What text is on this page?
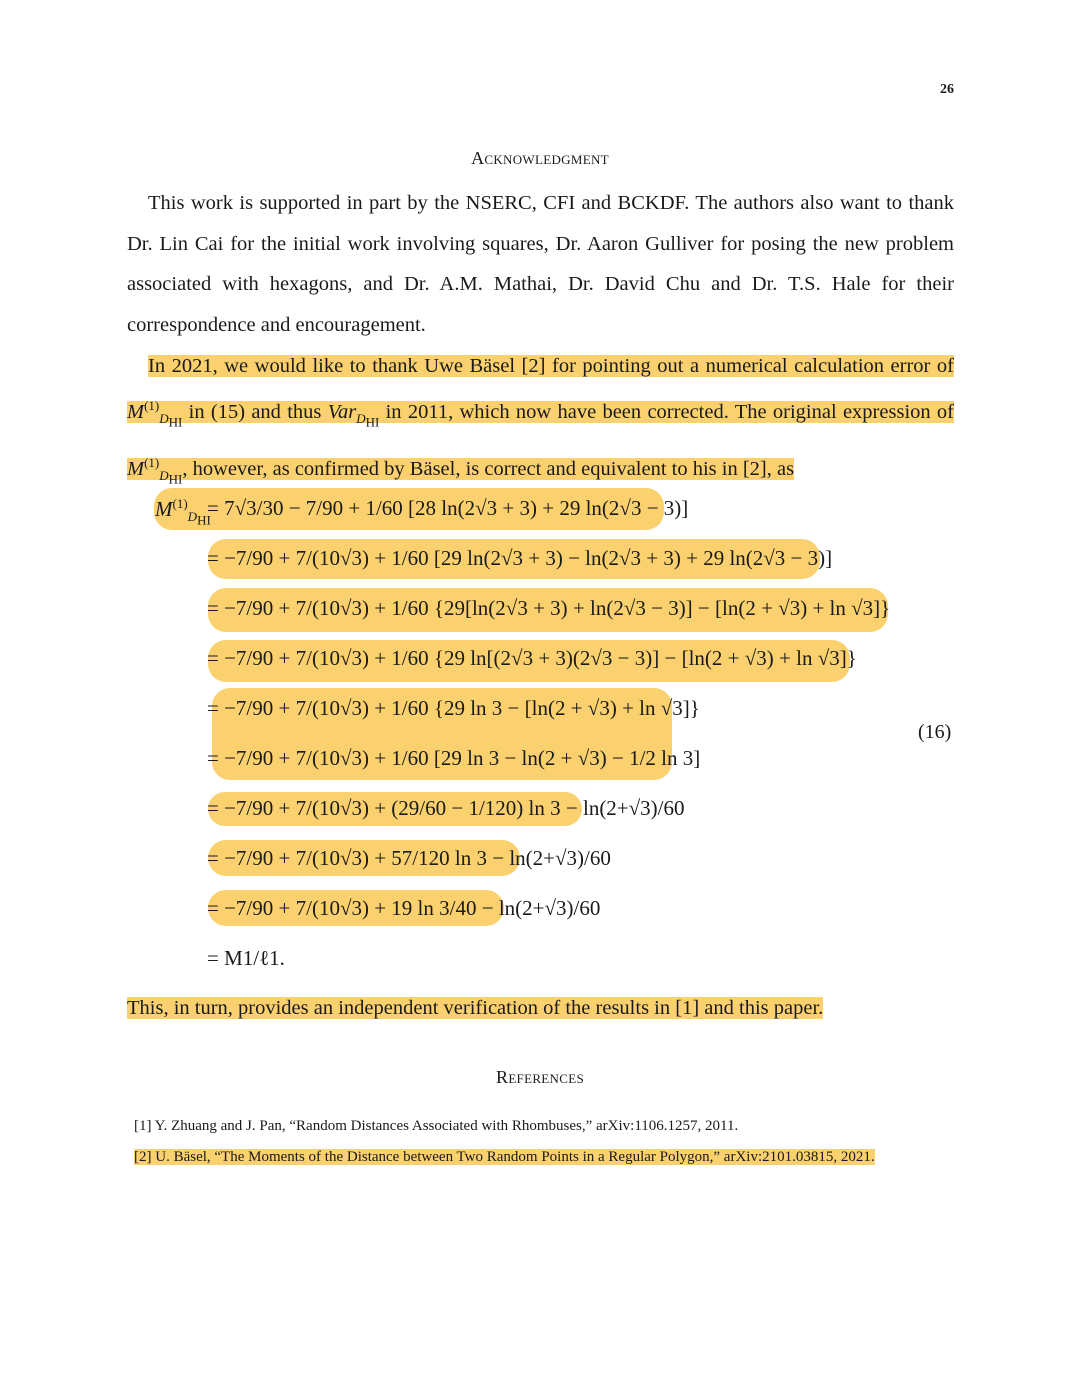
26
Acknowledgment

This work is supported in part by the NSERC, CFI and BCKDF. The authors also want to thank Dr. Lin Cai for the initial work involving squares, Dr. Aaron Gulliver for posing the new problem associated with hexagons, and Dr. A.M. Mathai, Dr. David Chu and Dr. T.S. Hale for their correspondence and encouragement.

In 2021, we would like to thank Uwe Bäsel [2] for pointing out a numerical calculation error of $M^{(1)}_{D_{HI}}$ in (15) and thus Var$_{D_{HI}}$ in 2011, which now have been corrected. The original expression of $M^{(1)}_{D_{HI}}$, however, as confirmed by Bäsel, is correct and equivalent to his in [2], as

$M^{(1)}_{D_{HI}}$
= 7√3/30 − 7/90 + 1/60 [28 ln(2√3 + 3) + 29 ln(2√3 − 3)]
= −7/90 + 7/(10√3) + 1/60 [29 ln(2√3 + 3) − ln(2√3 + 3) + 29 ln(2√3 − 3)]
= −7/90 + 7/(10√3) + 1/60 {29[ln(2√3 + 3) + ln(2√3 − 3)] − [ln(2 + √3) + ln √3]}
= −7/90 + 7/(10√3) + 1/60 {29 ln[(2√3 + 3)(2√3 − 3)] − [ln(2 + √3) + ln √3]}
= −7/90 + 7/(10√3) + 1/60 {29 ln 3 − [ln(2 + √3) + ln √3]}
= −7/90 + 7/(10√3) + 1/60 [29 ln 3 − ln(2 + √3) − 1/2 ln 3]
= −7/90 + 7/(10√3) + (29/60 − 1/120) ln 3 − ln(2+√3)/60
= −7/90 + 7/(10√3) + 57/120 ln 3 − ln(2+√3)/60
= −7/90 + 7/(10√3) + 19 ln 3/40 − ln(2+√3)/60
= M1/ℓ1.
(16)

This, in turn, provides an independent verification of the results in [1] and this paper.

References
[1] Y. Zhuang and J. Pan, “Random Distances Associated with Rhombuses,” arXiv:1106.1257, 2011.
[2] U. Bäsel, “The Moments of the Distance between Two Random Points in a Regular Polygon,” arXiv:2101.03815, 2021.
